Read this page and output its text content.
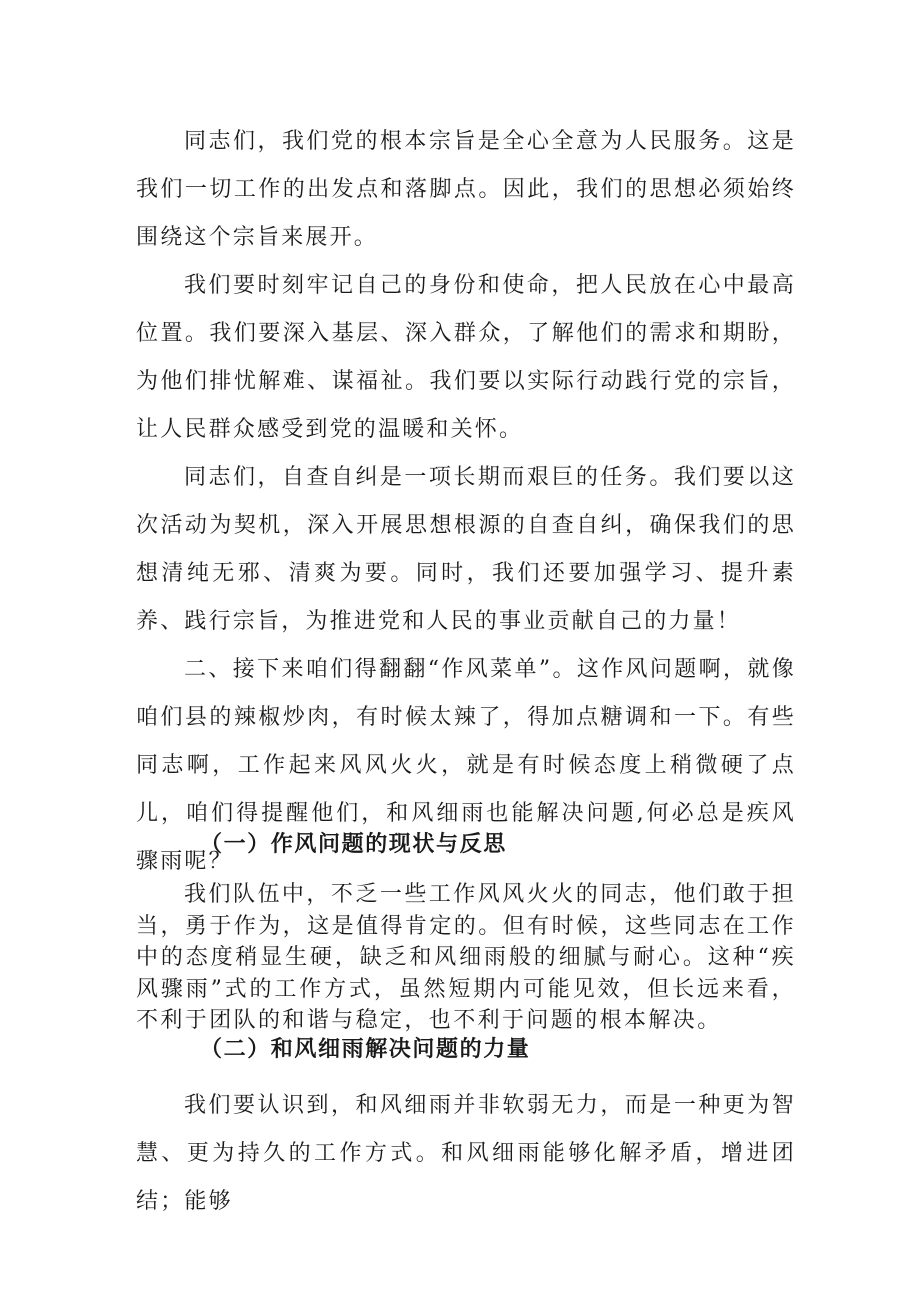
同志们，我们党的根本宗旨是全心全意为人民服务。这是我们一切工作的出发点和落脚点。因此，我们的思想必须始终围绕这个宗旨来展开。

我们要时刻牢记自己的身份和使命，把人民放在心中最高位置。我们要深入基层、深入群众，了解他们的需求和期盼，为他们排忧解难、谋福祉。我们要以实际行动践行党的宗旨，让人民群众感受到党的温暖和关怀。

同志们，自查自纠是一项长期而艰巨的任务。我们要以这次活动为契机，深入开展思想根源的自查自纠，确保我们的思想清纯无邪、清爽为要。同时，我们还要加强学习、提升素养、践行宗旨，为推进党和人民的事业贡献自己的力量！

二、接下来咱们得翻翻“作风菜单”。这作风问题啊，就像咱们县的辣椒炒肉，有时候太辣了，得加点糖调和一下。有些同志啊，工作起来风风火火，就是有时候态度上稍微硬了点儿，咱们得提醒他们，和风细雨也能解决问题,何必总是疾风骤雨呢？

（一）作风问题的现状与反思

我们队伍中，不乏一些工作风风火火的同志，他们敢于担当，勇于作为，这是值得肯定的。但有时候，这些同志在工作中的态度稍显生硬，缺乏和风细雨般的细腻与耐心。这种“疾风骤雨”式的工作方式，虽然短期内可能见效，但长远来看，不利于团队的和谐与稳定，也不利于问题的根本解决。

（二）和风细雨解决问题的力量

我们要认识到，和风细雨并非软弱无力，而是一种更为智慧、更为持久的工作方式。和风细雨能够化解矛盾，增进团结；能够
